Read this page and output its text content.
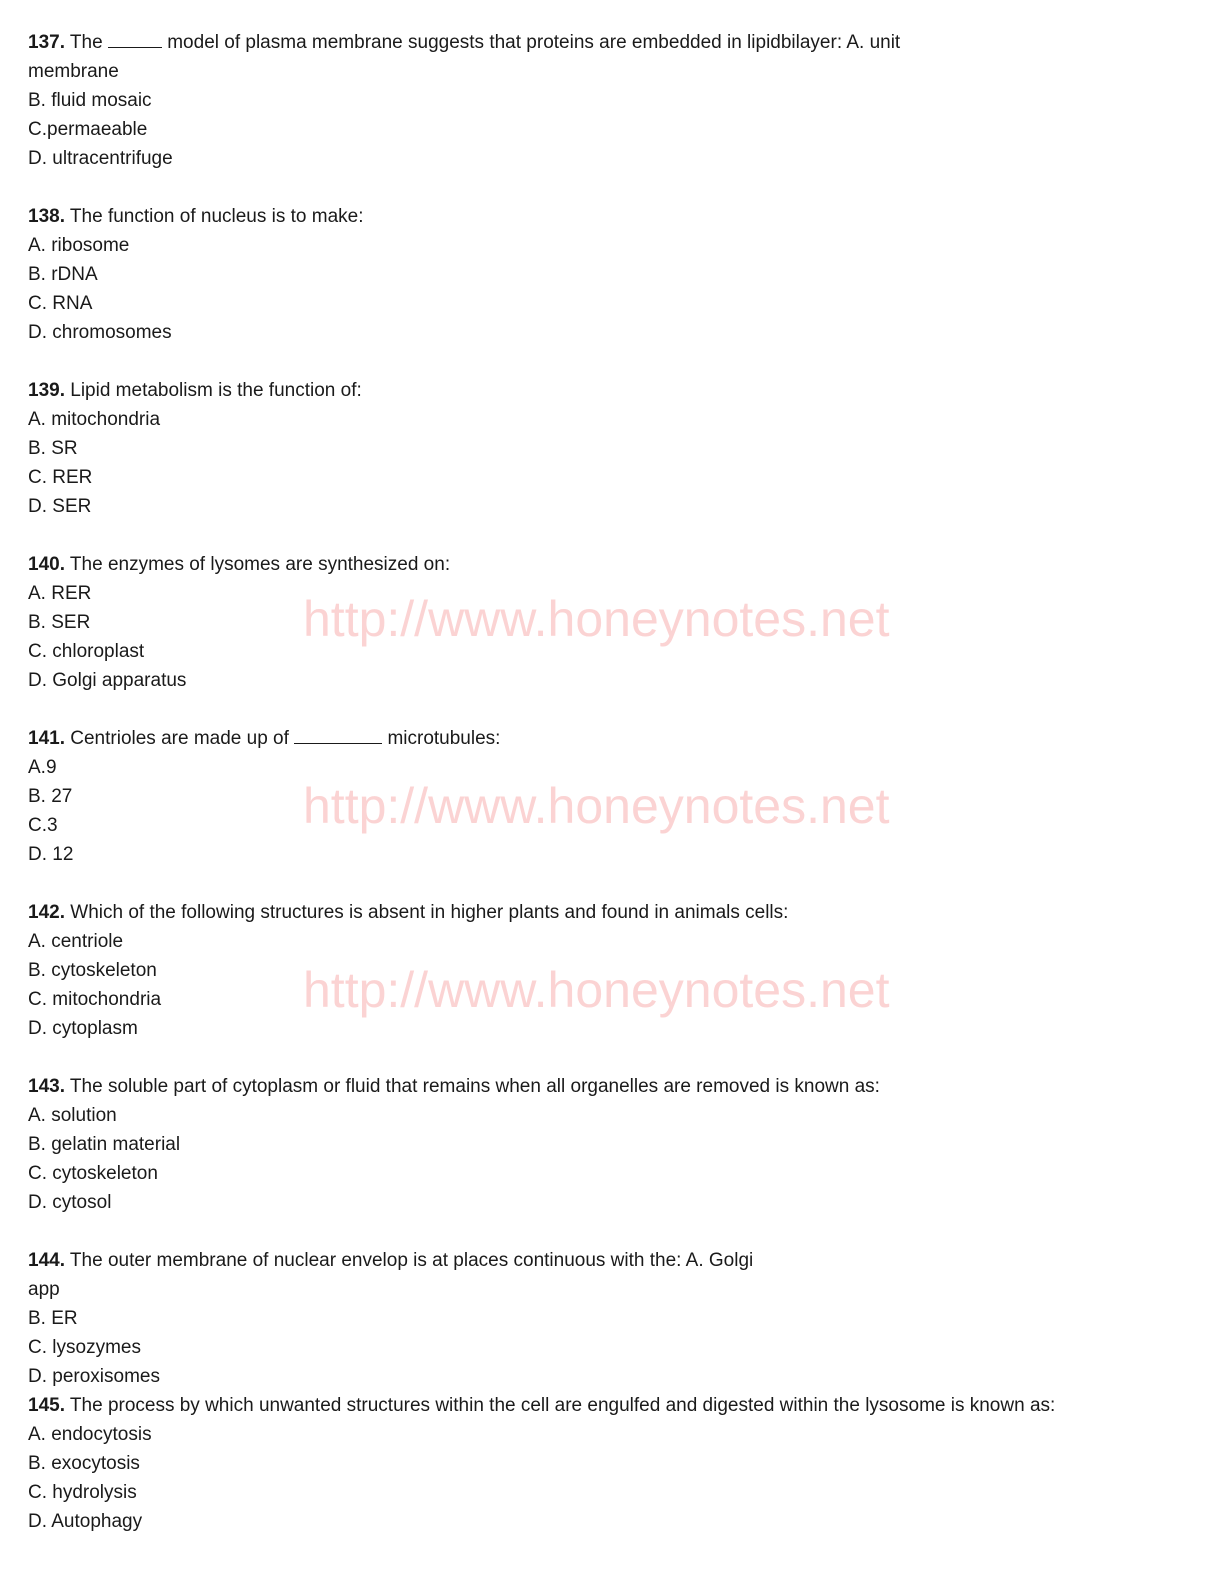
137. The	model of plasma membrane suggests that proteins are embedded in lipidbilayer: A. unit
membrane
B. fluid mosaic
C.permaeable
D. ultracentrifuge
138. The function of nucleus is to make:
A. ribosome
B. rDNA
C. RNA
D. chromosomes
139. Lipid metabolism is the function of:
A. mitochondria
B. SR
C. RER
D. SER
140. The enzymes of lysomes are synthesized on:
A. RER
B. SER
C. chloroplast
D. Golgi apparatus
141. Centrioles are made up of	microtubules:
A.9
B. 27
C.3
D. 12
142. Which of the following structures is absent in higher plants and found in animals cells:
A. centriole
B. cytoskeleton
C. mitochondria
D. cytoplasm
143. The soluble part of cytoplasm or fluid that remains when all organelles are removed is known as:
A. solution
B. gelatin material
C. cytoskeleton
D. cytosol
144. The outer membrane of nuclear envelop is at places continuous with the: A. Golgi
app
B. ER
C. lysozymes
D. peroxisomes
145. The process by which unwanted structures within the cell are engulfed and digested within the lysosome is known as:
A. endocytosis
B. exocytosis
C. hydrolysis
D. Autophagy
http://www.honeynotes.net
http://www.honeynotes.net
http://www.honeynotes.net
